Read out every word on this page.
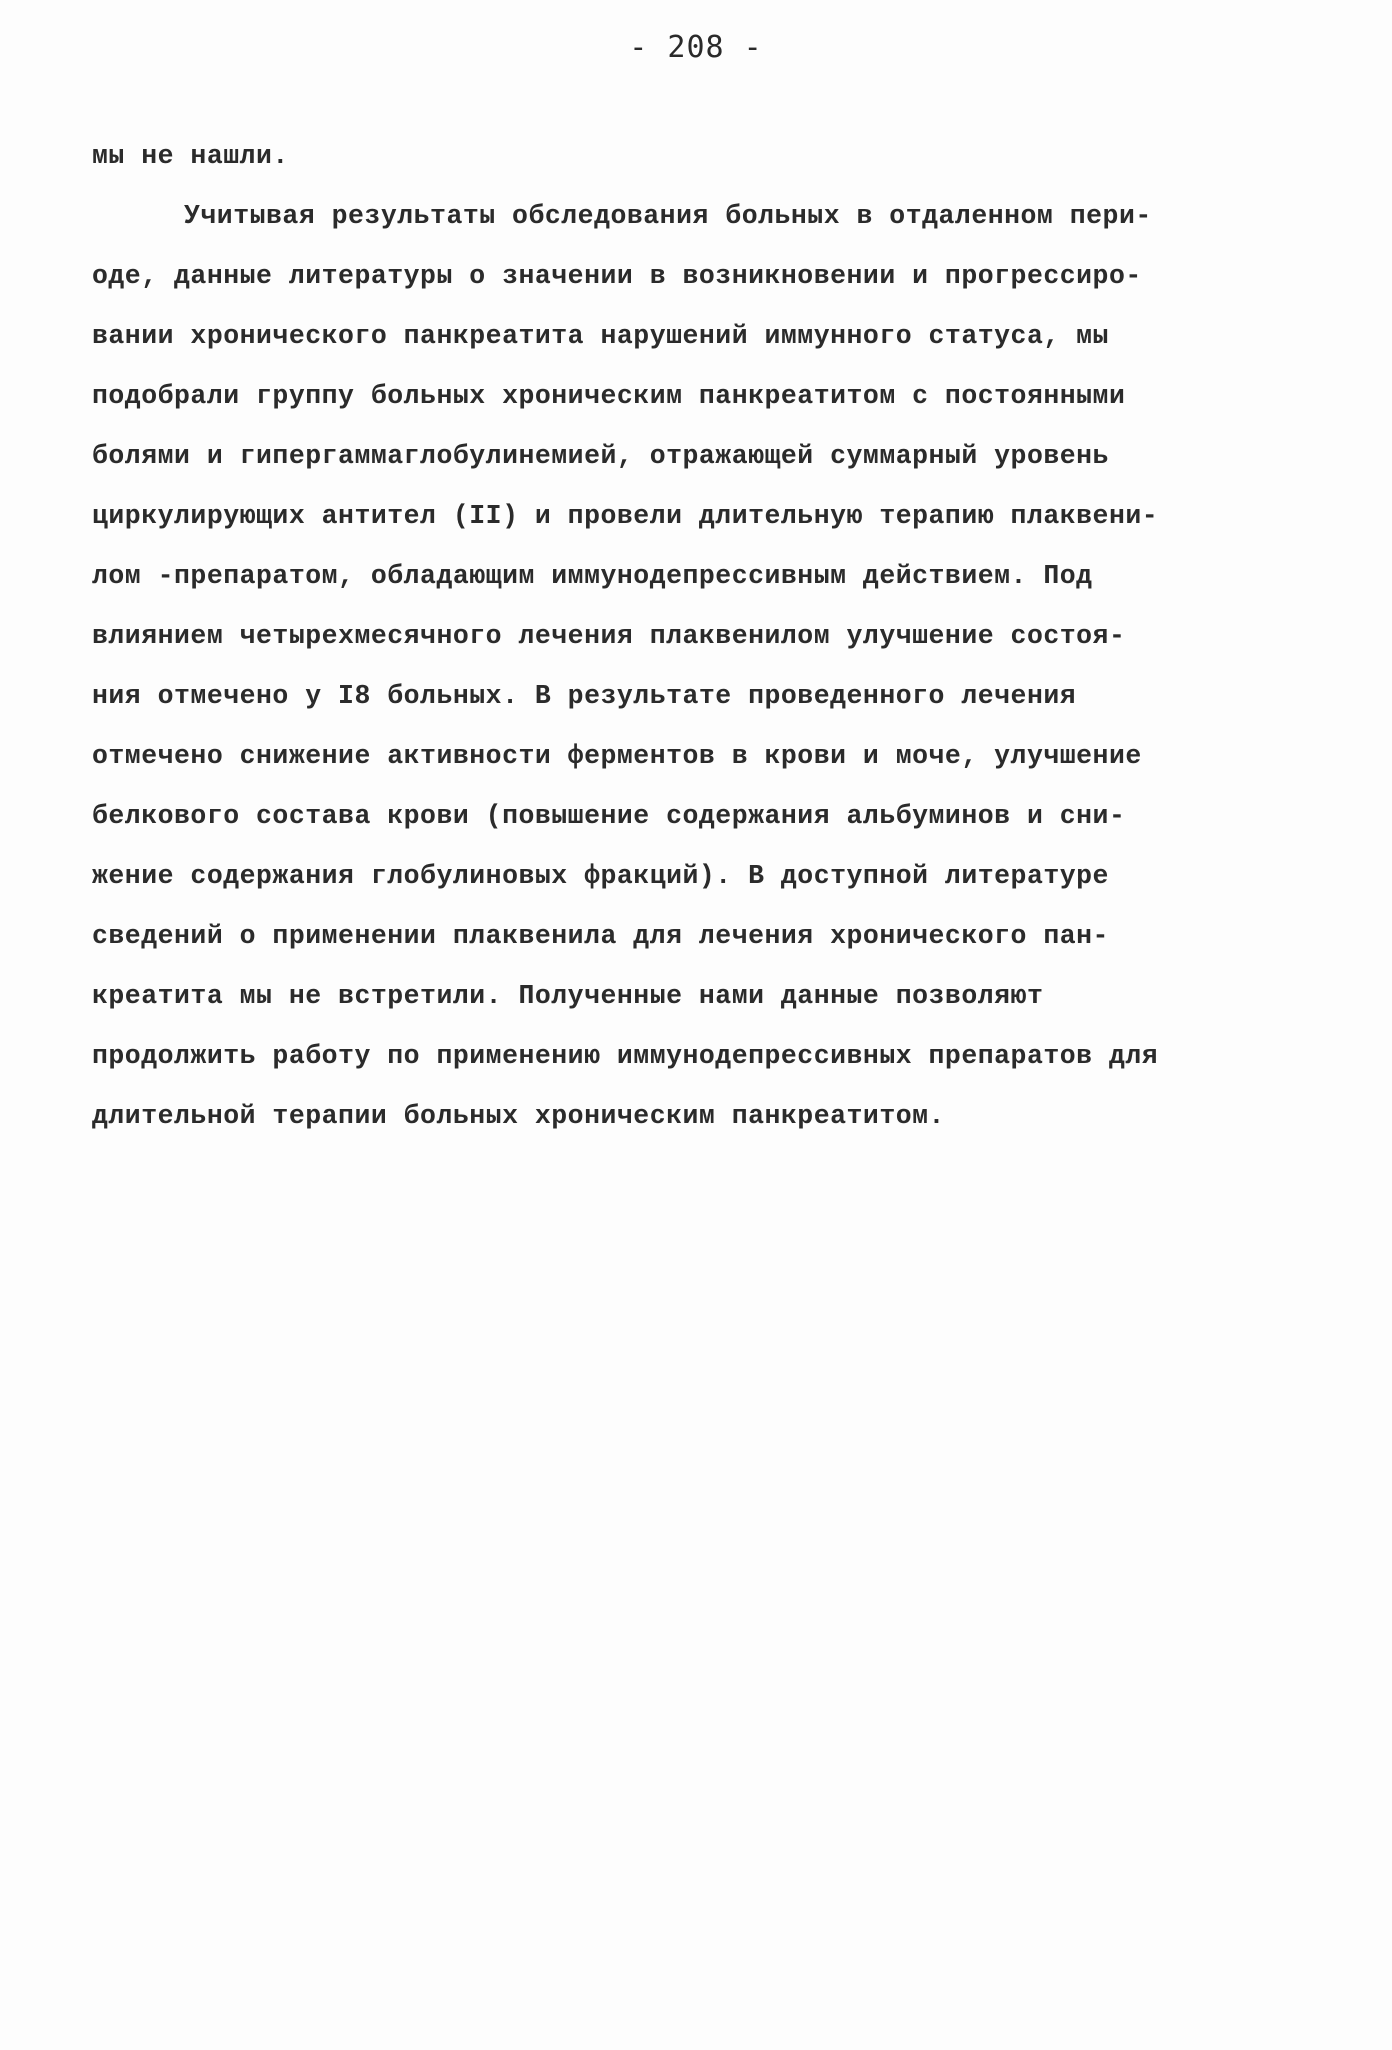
- 208 -
мы не нашли.
Учитывая результаты обследования больных в отдаленном пери-
оде, данные литературы о значении в возникновении и прогрессиро-
вании хронического панкреатита нарушений иммунного статуса, мы
подобрали группу больных хроническим панкреатитом с постоянными
болями и гипергаммаглобулинемией, отражающей суммарный уровень
циркулирующих антител (II) и провели длительную терапию плаквени-
лом -препаратом, обладающим иммунодепрессивным действием. Под
влиянием четырехмесячного лечения плаквенилом улучшение состоя-
ния отмечено у I8 больных. В результате проведенного лечения
отмечено снижение активности ферментов в крови и моче, улучшение
белкового состава крови (повышение содержания альбуминов и сни-
жение содержания глобулиновых фракций). В доступной литературе
сведений о применении плаквенила для лечения хронического пан-
креатита мы не встретили. Полученные нами данные позволяют
продолжить работу по применению иммунодепрессивных препаратов для
длительной терапии больных хроническим панкреатитом.
